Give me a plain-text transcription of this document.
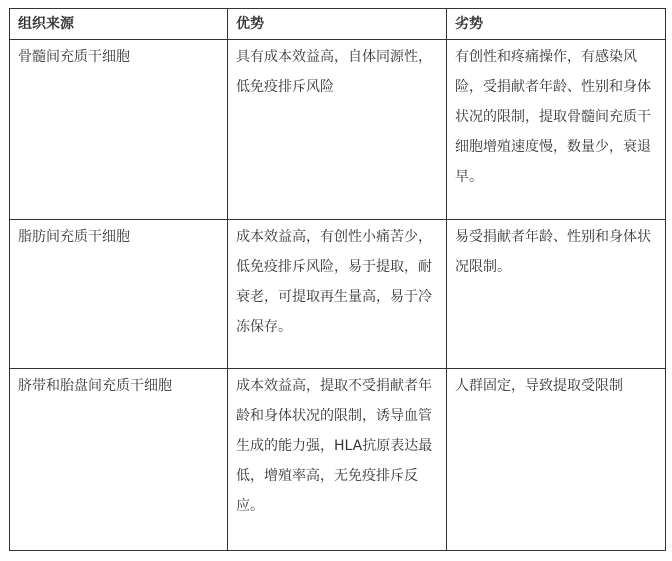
组织来源	优势	劣势
骨髓间充质干细胞	具有成本效益高，自体同源性，低免疫排斥风险	有创性和疼痛操作，有感染风险，受捐献者年龄、性别和身体状况的限制，提取骨髓间充质干细胞增殖速度慢，数量少，衰退早。
脂肪间充质干细胞	成本效益高，有创性小痛苦少，低免疫排斥风险，易于提取，耐衰老，可提取再生量高，易于冷冻保存。	易受捐献者年龄、性别和身体状况限制。
脐带和胎盘间充质干细胞	成本效益高，提取不受捐献者年龄和身体状况的限制，诱导血管生成的能力强，HLA抗原表达最低，增殖率高，无免疫排斥反应。	人群固定，导致提取受限制
